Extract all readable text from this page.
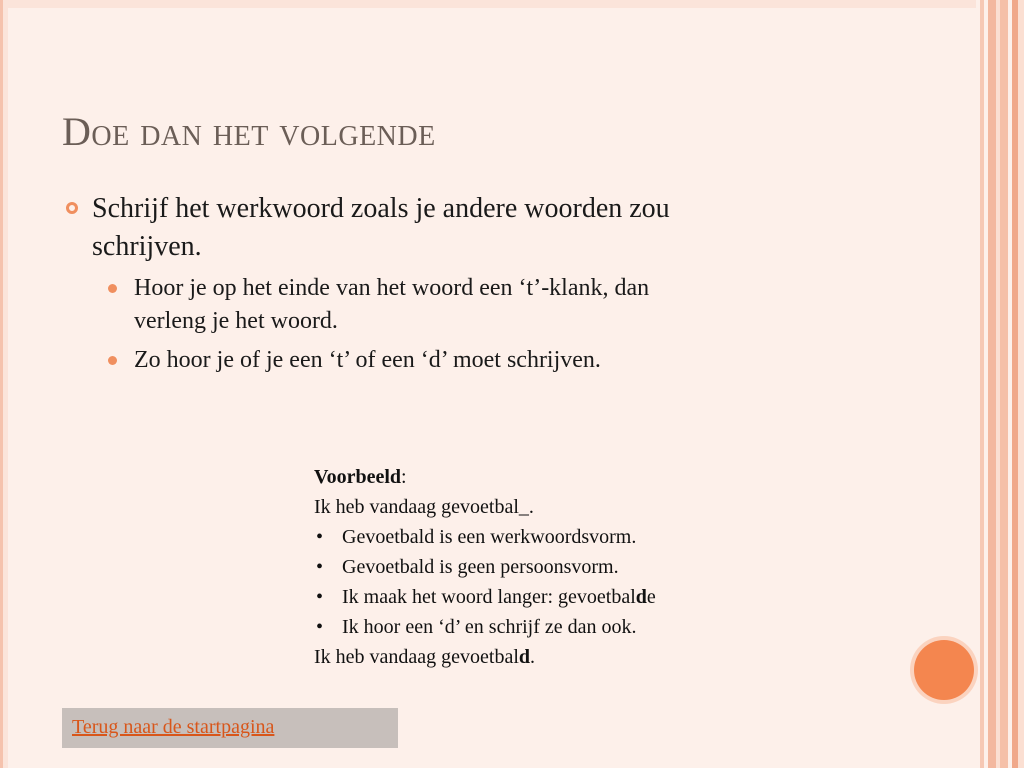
Doe dan het volgende
Schrijf het werkwoord zoals je andere woorden zou
schrijven.
Hoor je op het einde van het woord een ‘t’-klank, dan
verleng je het woord.
Zo hoor je of je een ‘t’ of een ‘d’ moet schrijven.
Voorbeeld:
Ik heb vandaag gevoetbal_.
• Gevoetbald is een werkwoordsvorm.
• Gevoetbald is geen persoonsvorm.
• Ik maak het woord langer: gevoetbalde
• Ik hoor een ‘d’ en schrijf ze dan ook.
Ik heb vandaag gevoetbald.
Terug naar de startpagina
